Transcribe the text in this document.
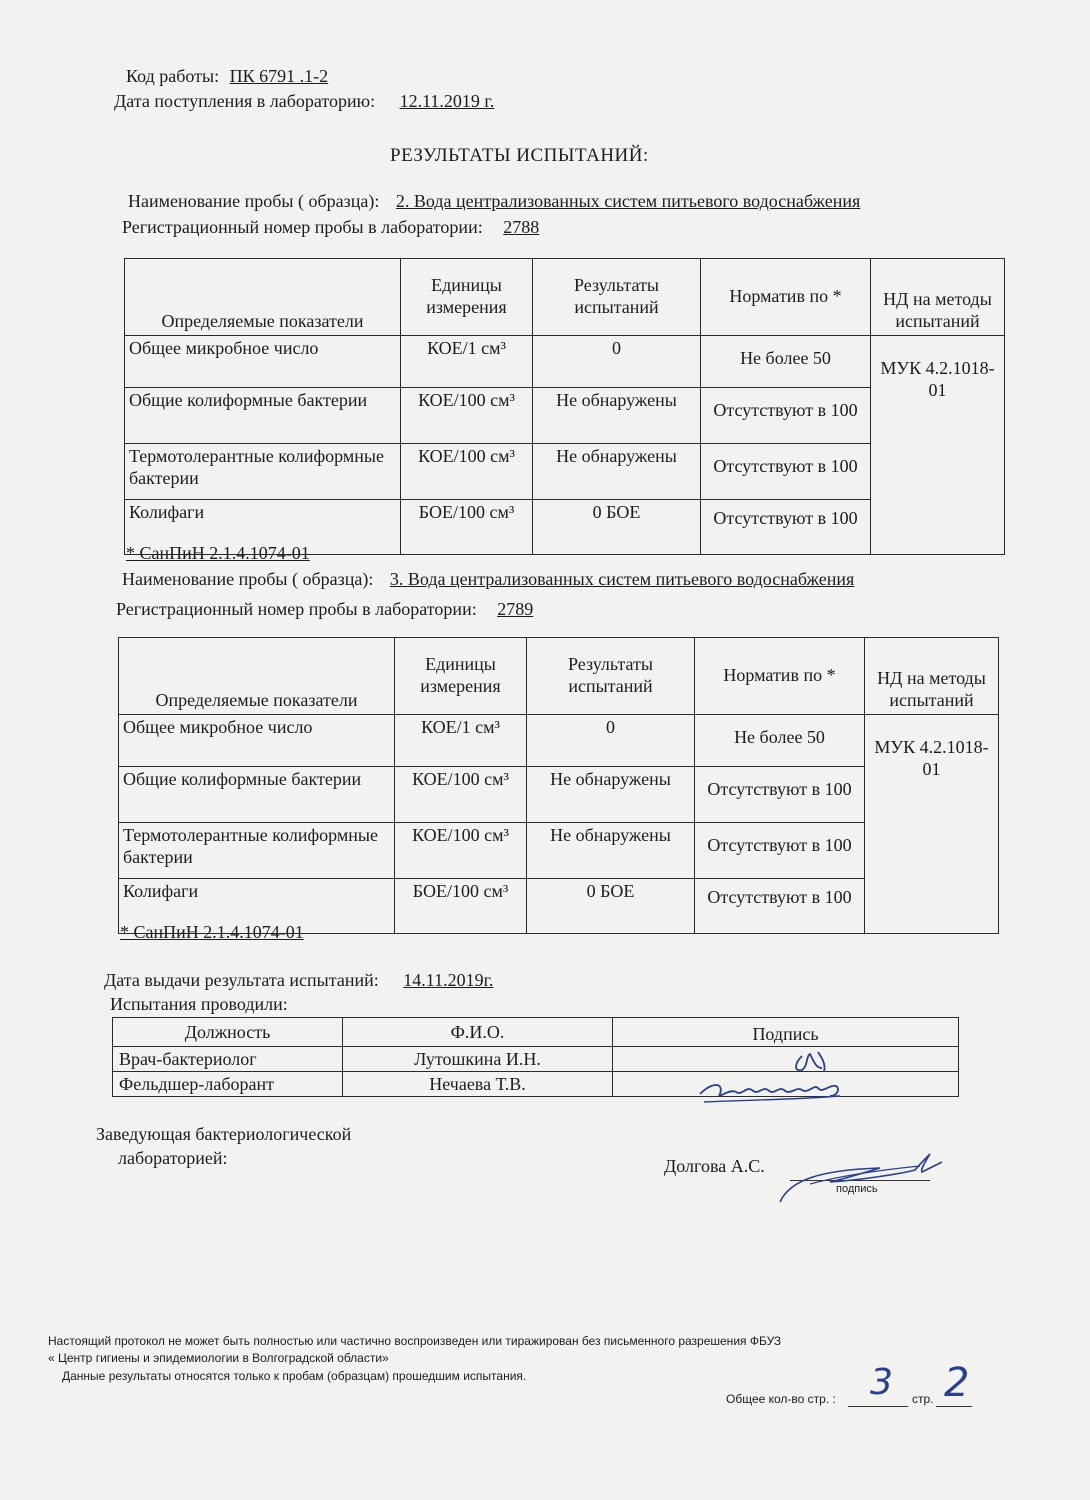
Код работы: ПК 6791 .1-2
Дата поступления в лабораторию: 12.11.2019 г.
РЕЗУЛЬТАТЫ ИСПЫТАНИЙ:
Наименование пробы ( образца): 2. Вода централизованных систем питьевого водоснабжения
Регистрационный номер пробы в лаборатории: 2788
Определяемые показатели	Единицы измерения	Результаты испытаний	Норматив по *	НД на методы испытаний
Общее микробное число	КОЕ/1 см³	0	Не более 50	МУК 4.2.1018-01
Общие колиформные бактерии	КОЕ/100 см³	Не обнаружены	Отсутствуют в 100	
Термотолерантные колиформные бактерии	КОЕ/100 см³	Не обнаружены	Отсутствуют в 100	
Колифаги	БОЕ/100 см³	0 БОЕ	Отсутствуют в 100	
* СанПиН 2.1.4.1074-01
Наименование пробы ( образца): 3. Вода централизованных систем питьевого водоснабжения
Регистрационный номер пробы в лаборатории: 2789
Определяемые показатели	Единицы измерения	Результаты испытаний	Норматив по *	НД на методы испытаний
Общее микробное число	КОЕ/1 см³	0	Не более 50	МУК 4.2.1018-01
Общие колиформные бактерии	КОЕ/100 см³	Не обнаружены	Отсутствуют в 100	
Термотолерантные колиформные бактерии	КОЕ/100 см³	Не обнаружены	Отсутствуют в 100	
Колифаги	БОЕ/100 см³	0 БОЕ	Отсутствуют в 100	
* СанПиН 2.1.4.1074-01
Дата выдачи результата испытаний: 14.11.2019г.
Испытания проводили:
Должность	Ф.И.О.	Подпись
Врач-бактериолог	Лутошкина И.Н.	
Фельдшер-лаборант	Нечаева Т.В.	
Заведующая бактериологической
лабораторией:	Долгова А.С.
подпись
Настоящий протокол не может быть полностью или частично воспроизведен или тиражирован без письменного разрешения ФБУЗ
« Центр гигиены и эпидемиологии в Волгоградской области»
Данные результаты относятся только к пробам (образцам) прошедшим испытания.
Общее кол-во стр. : 3 стр. 2
